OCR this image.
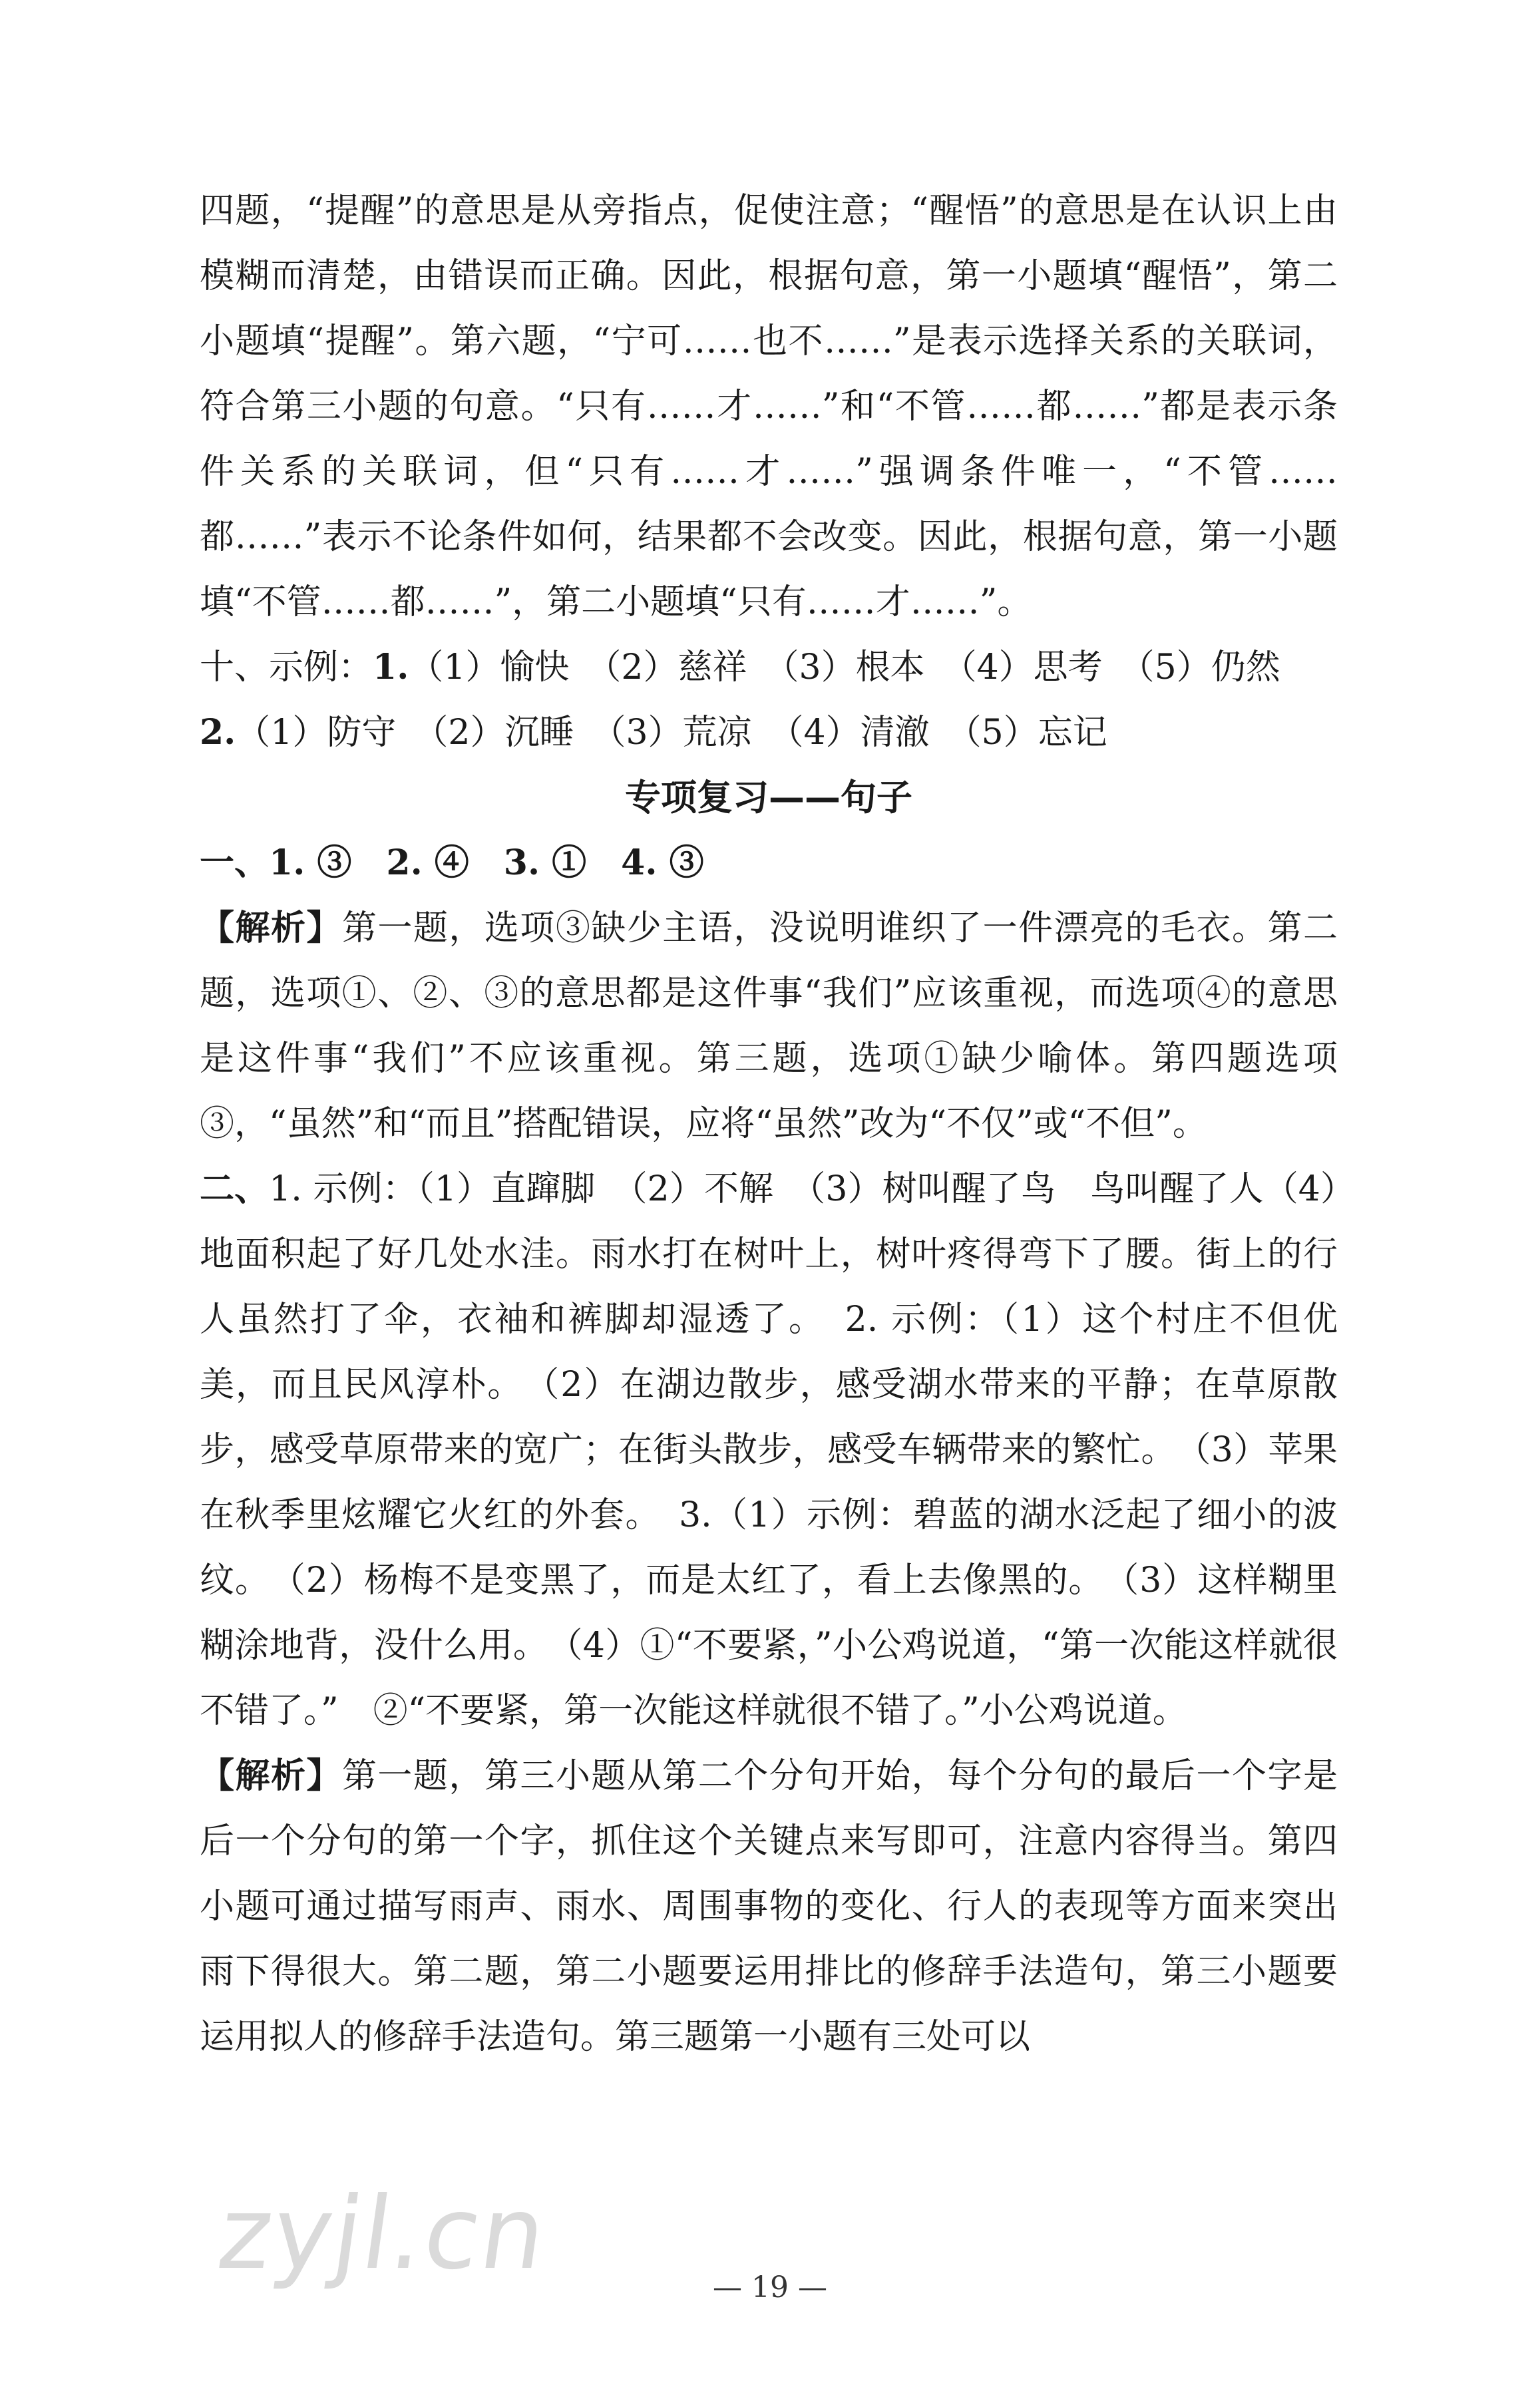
四题，“提醒”的意思是从旁指点，促使注意；“醒悟”的意思是在认识上由模糊而清楚，由错误而正确。因此，根据句意，第一小题填“醒悟”，第二小题填“提醒”。第六题，“宁可……也不……”是表示选择关系的关联词，符合第三小题的句意。“只有……才……”和“不管……都……”都是表示条件关系的关联词，但“只有……才……”强调条件唯一，“不管……都……”表示不论条件如何，结果都不会改变。因此，根据句意，第一小题填“不管……都……”，第二小题填“只有……才……”。

十、示例：1.（1）愉快　（2）慈祥　（3）根本　（4）思考　（5）仍然

2.（1）防守　（2）沉睡　（3）荒凉　（4）清澈　（5）忘记

专项复习——句子

一、1. ③　2. ④　3. ①　4. ③

【解析】第一题，选项③缺少主语，没说明谁织了一件漂亮的毛衣。第二题，选项①、②、③的意思都是这件事“我们”应该重视，而选项④的意思是这件事“我们”不应该重视。第三题，选项①缺少喻体。第四题选项③，“虽然”和“而且”搭配错误，应将“虽然”改为“不仅”或“不但”。

二、1. 示例：（1）直蹿脚　（2）不解　（3）树叫醒了鸟　鸟叫醒了人（4）地面积起了好几处水洼。雨水打在树叶上，树叶疼得弯下了腰。街上的行人虽然打了伞，衣袖和裤脚却湿透了。　2. 示例：（1）这个村庄不但优美，而且民风淳朴。　（2）在湖边散步，感受湖水带来的平静；在草原散步，感受草原带来的宽广；在街头散步，感受车辆带来的繁忙。　（3）苹果在秋季里炫耀它火红的外套。　3.（1）示例：碧蓝的湖水泛起了细小的波纹。　（2）杨梅不是变黑了，而是太红了，看上去像黑的。　（3）这样糊里糊涂地背，没什么用。　（4）①“不要紧，”小公鸡说道，“第一次能这样就很不错了。”　②“不要紧，第一次能这样就很不错了。”小公鸡说道。

【解析】第一题，第三小题从第二个分句开始，每个分句的最后一个字是后一个分句的第一个字，抓住这个关键点来写即可，注意内容得当。第四小题可通过描写雨声、雨水、周围事物的变化、行人的表现等方面来突出雨下得很大。第二题，第二小题要运用排比的修辞手法造句，第三小题要运用拟人的修辞手法造句。第三题第一小题有三处可以

zyjl.cn	— 19 —
